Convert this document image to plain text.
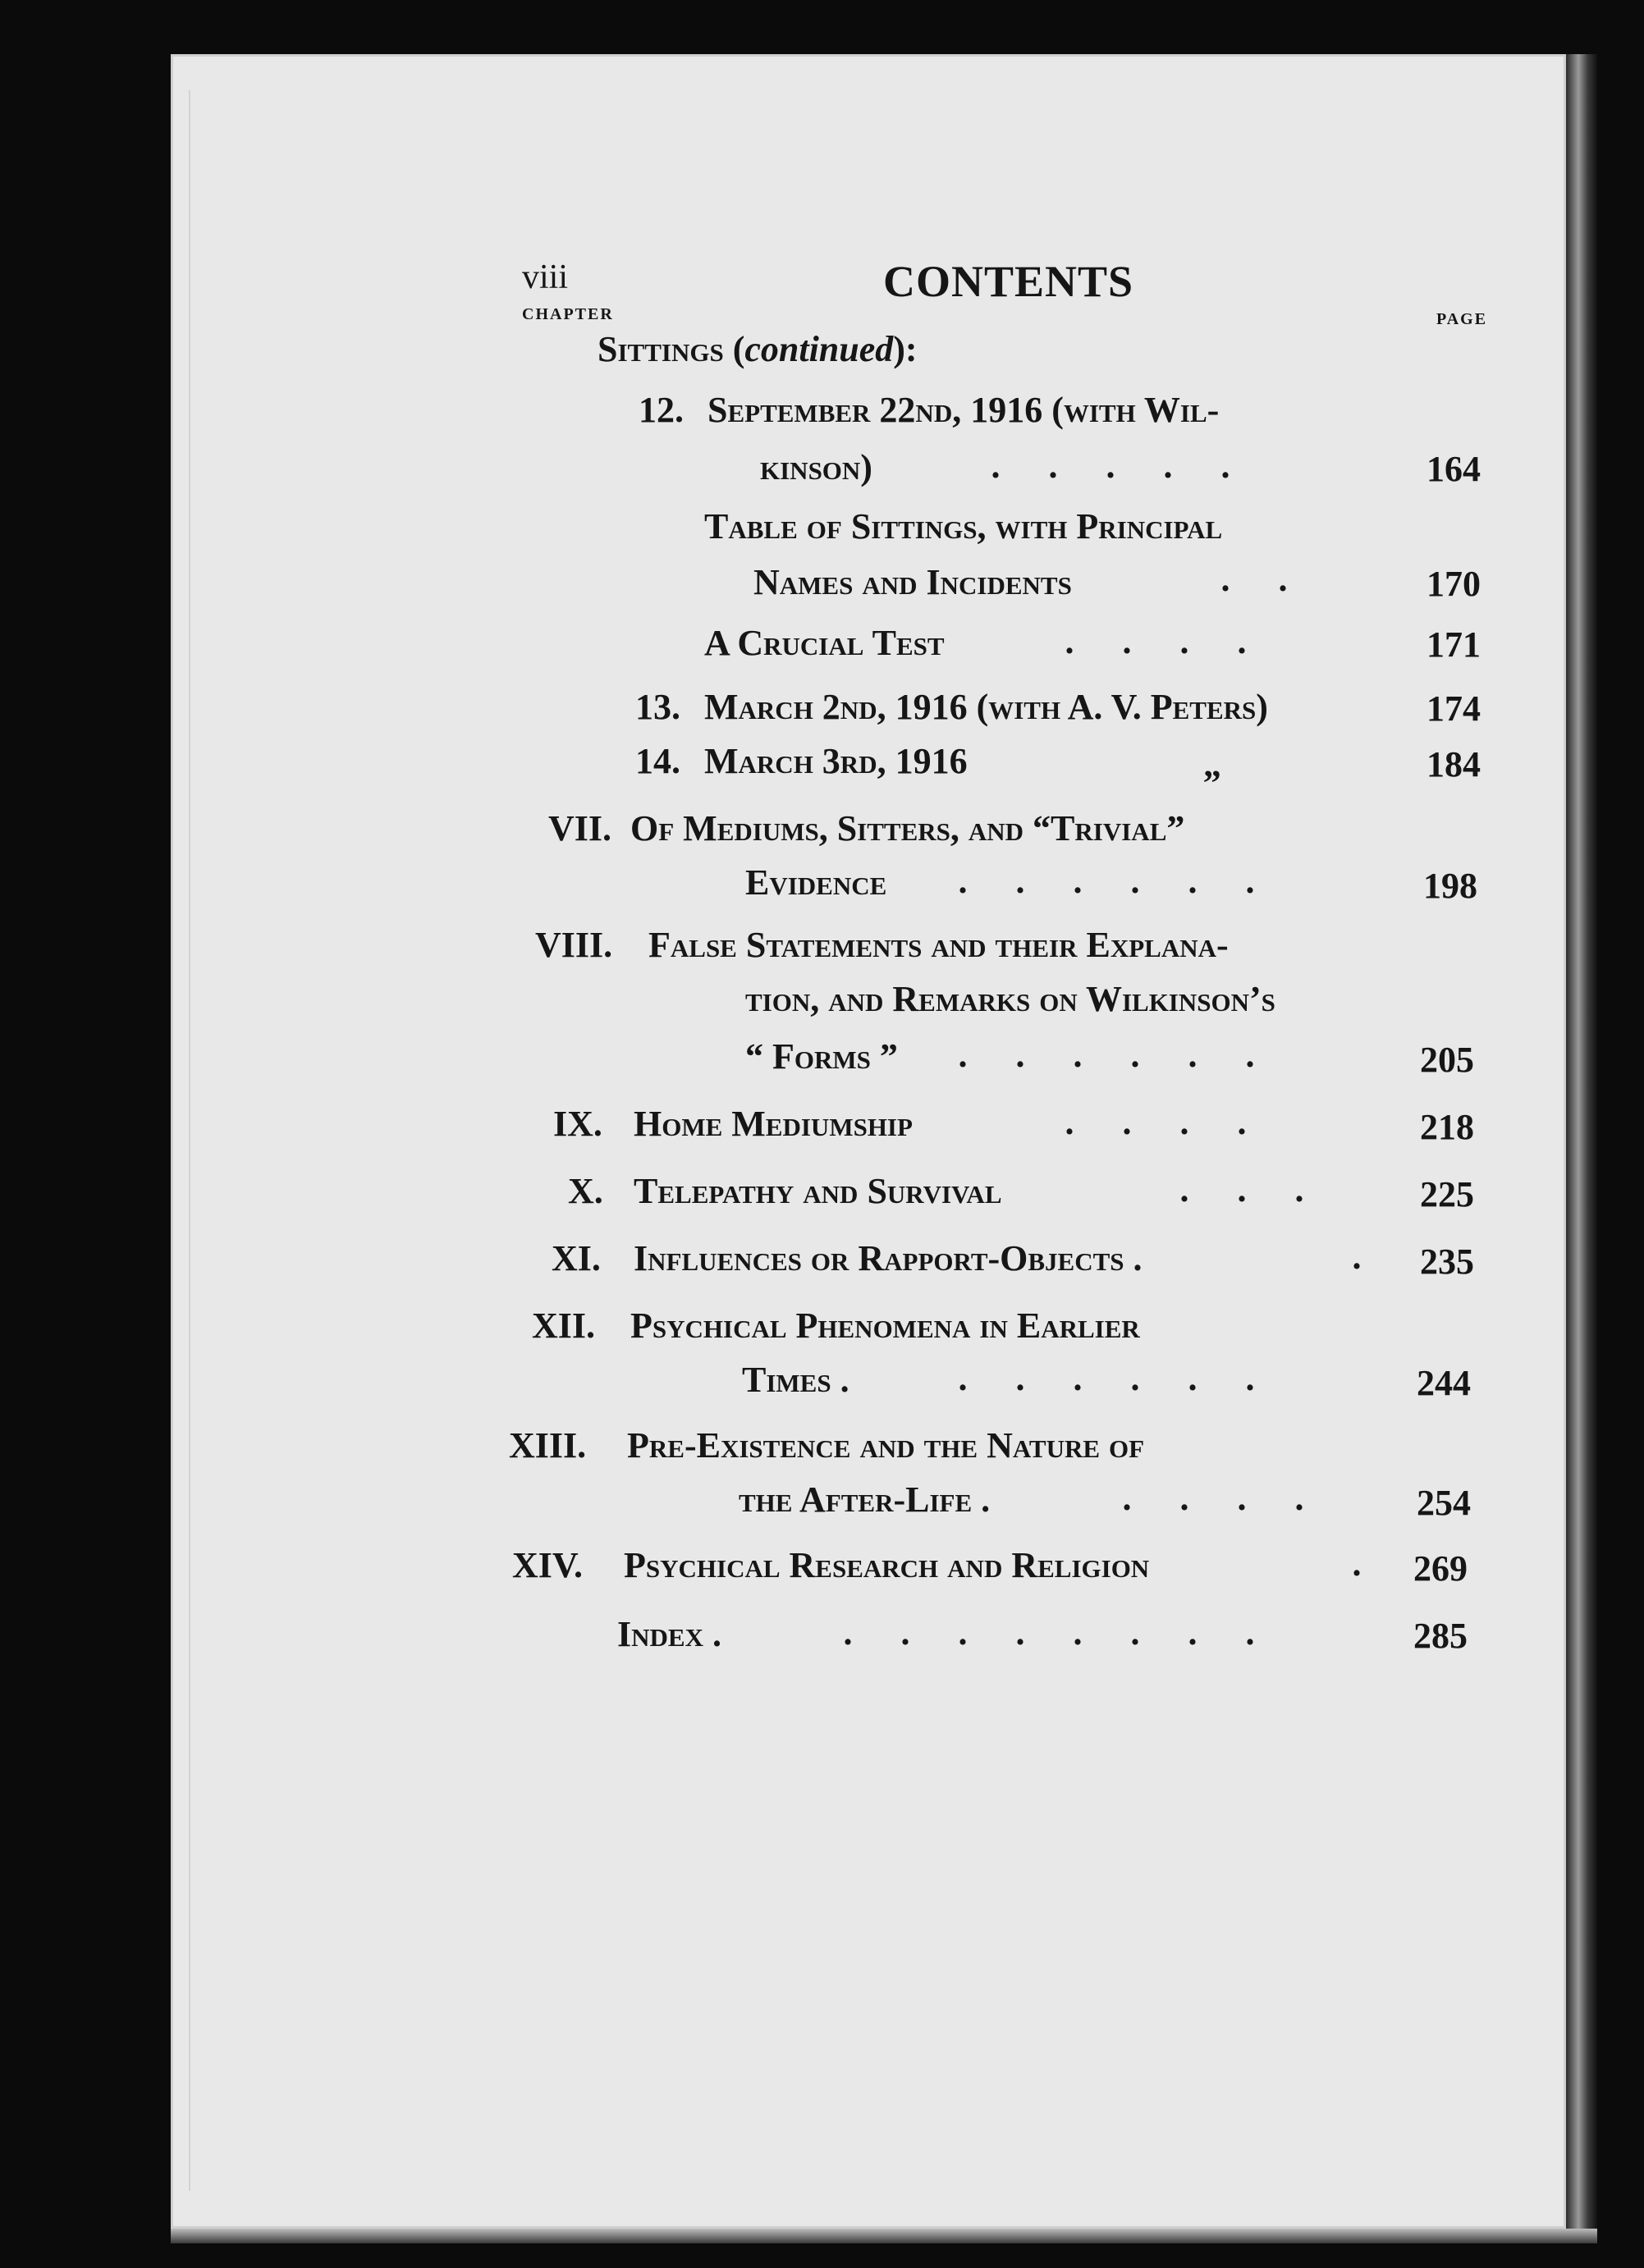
viii	CONTENTS
CHAPTER	PAGE
Sittings (continued):
12. September 22nd, 1916 (with Wil-
kinson)	. . . . .	164
Table of Sittings, with Principal
Names and Incidents	. .	170
A Crucial Test	. . . .	171
13. March 2nd, 1916 (with A. V. Peters)	174
14. March 3rd, 1916	„	184
VII. Of Mediums, Sitters, and “Trivial”
Evidence	. . . . . .	198
VIII. False Statements and their Explana-
tion, and Remarks on Wilkinson’s
“ Forms ”	. . . . . .	205
IX. Home Mediumship	. . . .	218
X. Telepathy and Survival	. . .	225
XI. Influences or Rapport-Objects .	.	235
XII. Psychical Phenomena in Earlier
Times .	. . . . . .	244
XIII. Pre-Existence and the Nature of
the After-Life .	. . . .	254
XIV. Psychical Research and Religion	.	269
Index .	. . . . . . . .	285
